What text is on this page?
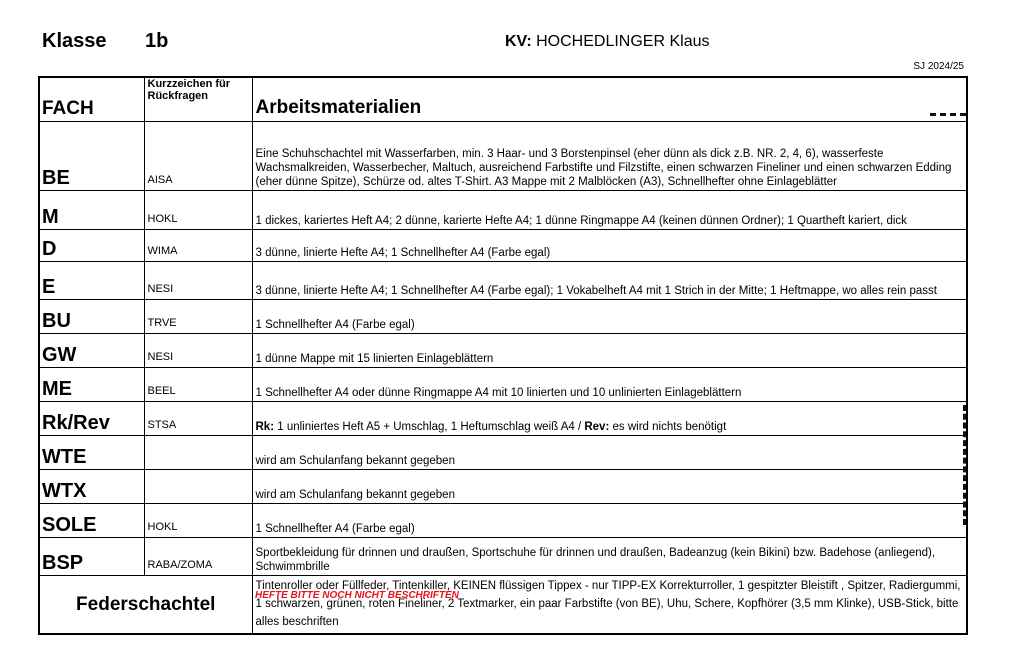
Klasse 1b	KV: HOCHEDLINGER Klaus
SJ 2024/25
FACH	Kurzzeichen für Rückfragen	Arbeitsmaterialien
BE	AISA	Eine Schuhschachtel mit Wasserfarben, min. 3 Haar- und 3 Borstenpinsel (eher dünn als dick z.B. NR. 2, 4, 6), wasserfeste Wachsmalkreiden, Wasserbecher, Maltuch, ausreichend Farbstifte und Filzstifte, einen schwarzen Fineliner und einen schwarzen Edding (eher dünne Spitze), Schürze od. altes T-Shirt. A3 Mappe mit 2 Malblöcken (A3), Schnellhefter ohne Einlageblätter
M	HOKL	1 dickes, kariertes Heft A4; 2 dünne, karierte Hefte A4; 1 dünne Ringmappe A4 (keinen dünnen Ordner); 1 Quartheft kariert, dick
D	WIMA	3 dünne, linierte Hefte A4; 1 Schnellhefter A4 (Farbe egal)
E	NESI	3 dünne, linierte Hefte A4; 1 Schnellhefter A4 (Farbe egal); 1 Vokabelheft A4 mit 1 Strich in der Mitte; 1 Heftmappe, wo alles rein passt
BU	TRVE	1 Schnellhefter A4 (Farbe egal)
GW	NESI	1 dünne Mappe mit 15 linierten Einlageblättern
ME	BEEL	1 Schnellhefter A4 oder dünne Ringmappe A4 mit 10 linierten und 10 unlinierten Einlageblättern
Rk/Rev	STSA	Rk: 1 unliniertes Heft A5 + Umschlag, 1 Heftumschlag weiß A4 / Rev: es wird nichts benötigt
WTE		wird am Schulanfang bekannt gegeben
WTX		wird am Schulanfang bekannt gegeben
SOLE	HOKL	1 Schnellhefter A4 (Farbe egal)
BSP	RABA/ZOMA	Sportbekleidung für drinnen und draußen, Sportschuhe für drinnen und draußen, Badeanzug (kein Bikini) bzw. Badehose (anliegend), Schwimmbrille
Federschachtel		Tintenroller oder Füllfeder, Tintenkiller, KEINEN flüssigen Tippex - nur TIPP-EX Korrekturroller, 1 gespitzter Bleistift , Spitzer, Radiergummi, 1 schwarzen, grünen, roten Fineliner, 2 Textmarker, ein paar Farbstifte (von BE), Uhu, Schere, Kopfhörer (3,5 mm Klinke), USB-Stick, bitte alles beschriften
HEFTE BITTE NOCH NICHT BESCHRIFTEN
